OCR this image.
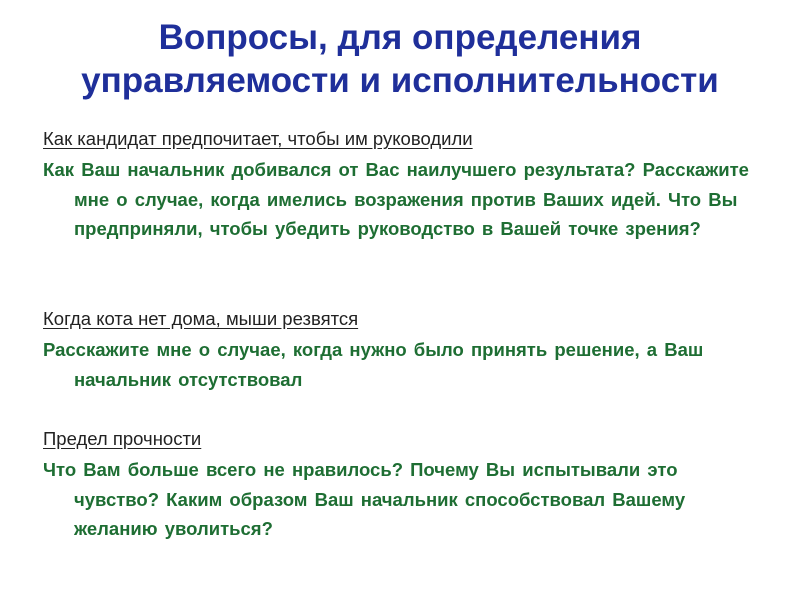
Вопросы, для определения
управляемости и исполнительности

Как кандидат предпочитает, чтобы им руководили

Как Ваш начальник добивался от Вас наилучшего результата? Расскажите мне о случае, когда имелись возражения против Ваших идей. Что Вы предприняли, чтобы убедить руководство в Вашей точке зрения?

Когда кота нет дома, мыши резвятся

Расскажите мне о случае, когда нужно было принять решение, а Ваш начальник отсутствовал

Предел прочности

Что Вам больше всего не нравилось? Почему Вы испытывали это чувство? Каким образом Ваш начальник способствовал Вашему желанию уволиться?
